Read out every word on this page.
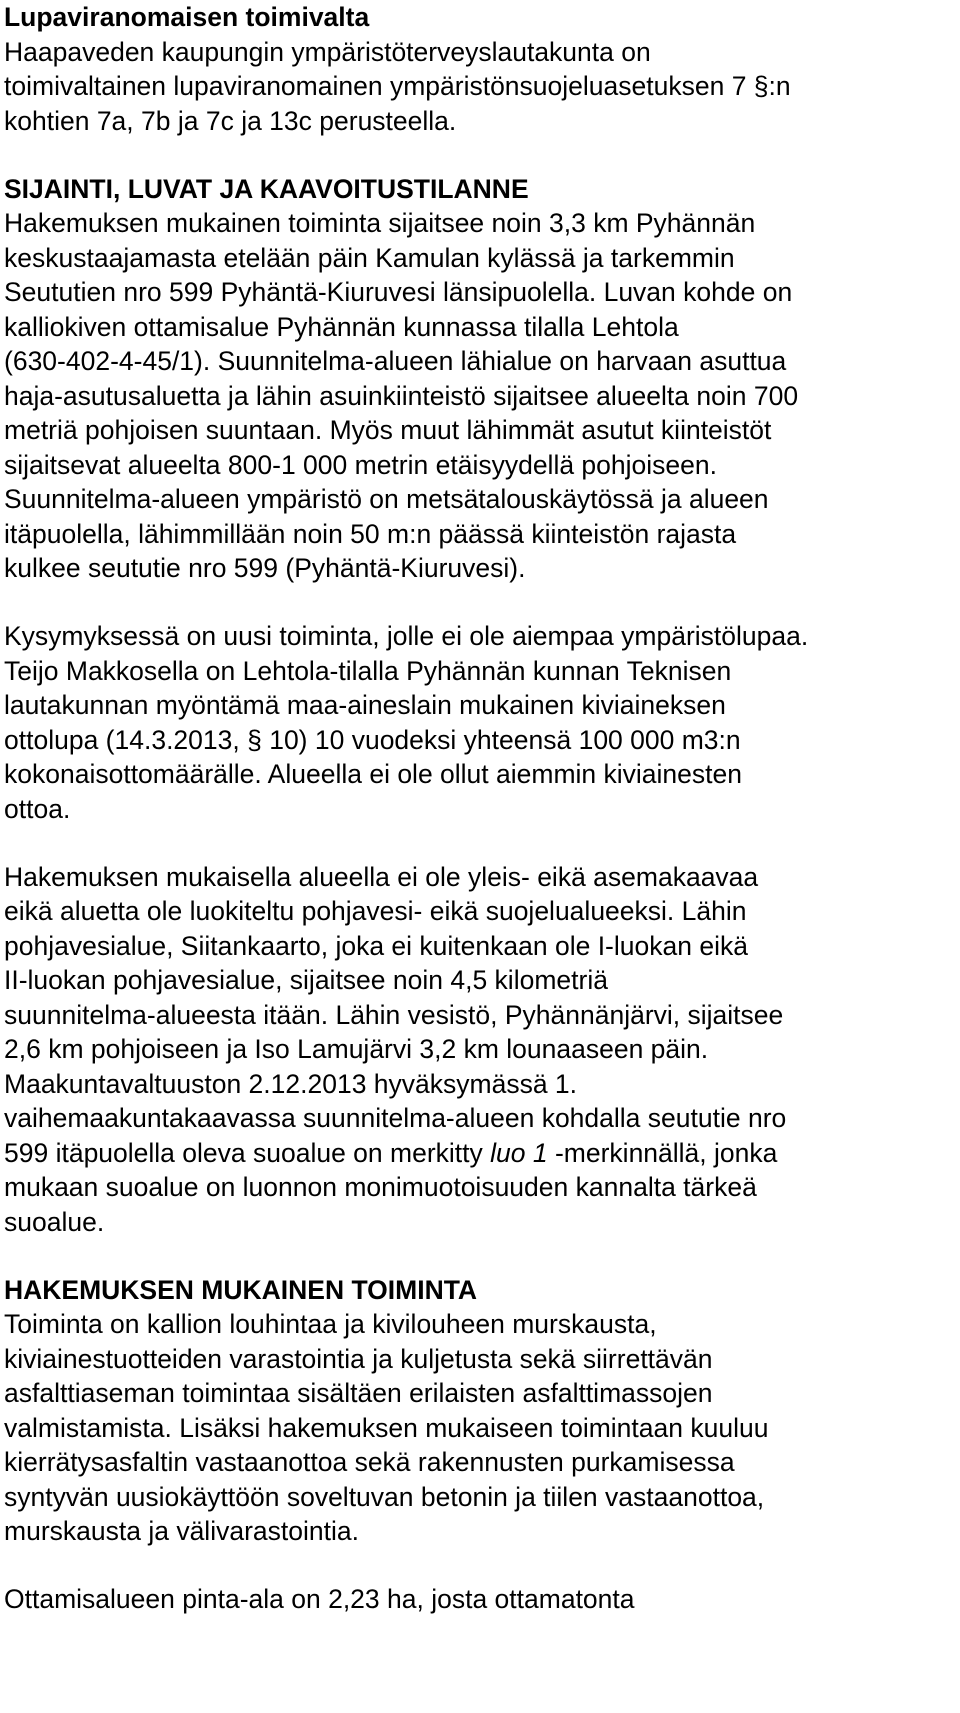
Lupaviranomaisen toimivalta
Haapaveden kaupungin ympäristöterveyslautakunta on
toimivaltainen lupaviranomainen ympäristönsuojeluasetuksen 7 §:n
kohtien 7a, 7b ja 7c ja 13c perusteella.
SIJAINTI, LUVAT JA KAAVOITUSTILANNE
Hakemuksen mukainen toiminta sijaitsee noin 3,3 km Pyhännän
keskustaajamasta etelään päin Kamulan kylässä ja tarkemmin
Seututien nro 599 Pyhäntä-Kiuruvesi länsipuolella. Luvan kohde on
kalliokiven ottamisalue Pyhännän kunnassa tilalla Lehtola
(630-402-4-45/1). Suunnitelma-alueen lähialue on harvaan asuttua
haja-asutusaluetta ja lähin asuinkiinteistö sijaitsee alueelta noin 700
metriä pohjoisen suuntaan. Myös muut lähimmät asutut kiinteistöt
sijaitsevat alueelta 800-1 000 metrin etäisyydellä pohjoiseen.
Suunnitelma-alueen ympäristö on metsätalouskäytössä ja alueen
itäpuolella, lähimmillään noin 50 m:n päässä kiinteistön rajasta
kulkee seututie nro 599 (Pyhäntä-Kiuruvesi).
Kysymyksessä on uusi toiminta, jolle ei ole aiempaa ympäristölupaa.
Teijo Makkosella on Lehtola-tilalla Pyhännän kunnan Teknisen
lautakunnan myöntämä maa-aineslain mukainen kiviaineksen
ottolupa (14.3.2013, § 10) 10 vuodeksi yhteensä 100 000 m3:n
kokonaisottomäärälle. Alueella ei ole ollut aiemmin kiviainesten
ottoa.
Hakemuksen mukaisella alueella ei ole yleis- eikä asemakaavaa
eikä aluetta ole luokiteltu pohjavesi- eikä suojelualueeksi. Lähin
pohjavesialue, Siitankaarto, joka ei kuitenkaan ole I-luokan eikä
II-luokan pohjavesialue, sijaitsee noin 4,5 kilometriä
suunnitelma-alueesta itään. Lähin vesistö, Pyhännänjärvi, sijaitsee
2,6 km pohjoiseen ja Iso Lamujärvi 3,2 km lounaaseen päin.
Maakuntavaltuuston 2.12.2013 hyväksymässä 1.
vaihemaakuntakaavassa suunnitelma-alueen kohdalla seututie nro
599 itäpuolella oleva suoalue on merkitty luo 1 -merkinnällä, jonka
mukaan suoalue on luonnon monimuotoisuuden kannalta tärkeä
suoalue.
HAKEMUKSEN MUKAINEN TOIMINTA
Toiminta on kallion louhintaa ja kivilouheen murskausta,
kiviainestuotteiden varastointia ja kuljetusta sekä siirrettävän
asfalttiaseman toimintaa sisältäen erilaisten asfalttimassojen
valmistamista. Lisäksi hakemuksen mukaiseen toimintaan kuuluu
kierrätysasfaltin vastaanottoa sekä rakennusten purkamisessa
syntyvän uusiokäyttöön soveltuvan betonin ja tiilen vastaanottoa,
murskausta ja välivarastointia.
Ottamisalueen pinta-ala on 2,23 ha, josta ottamatonta
